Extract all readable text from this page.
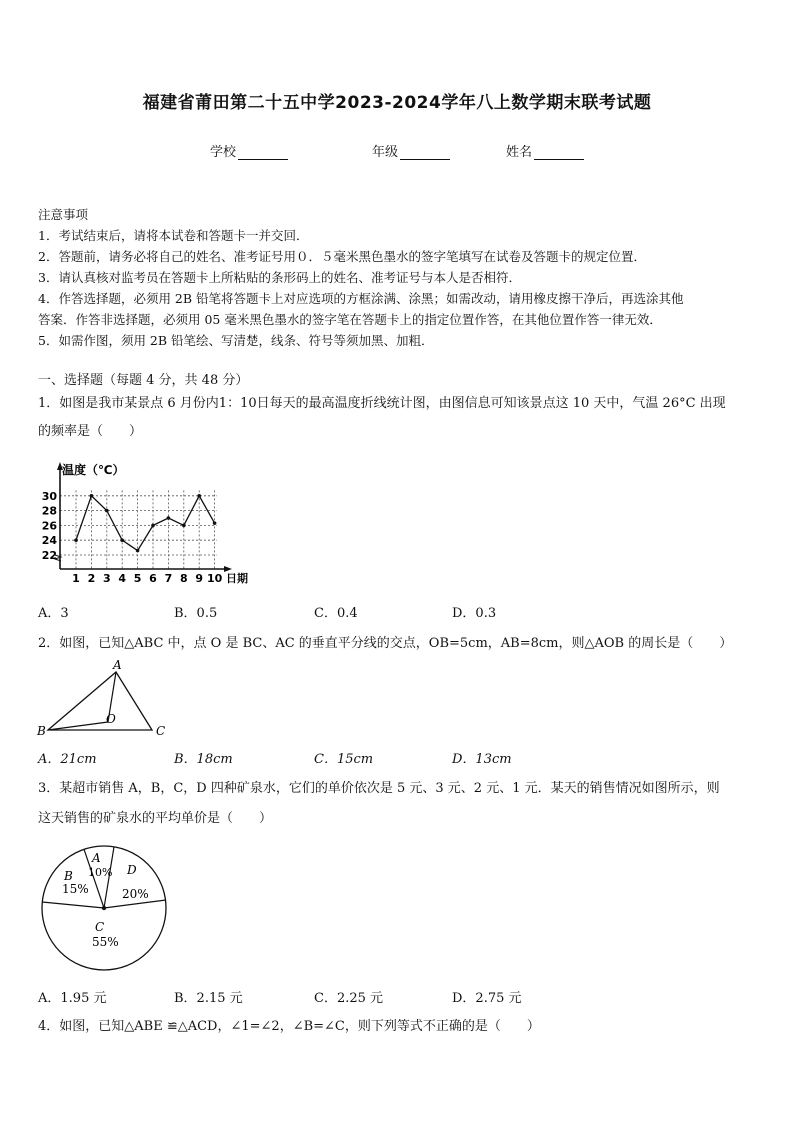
福建省莆田第二十五中学2023-2024学年八上数学期末联考试题
学校	年级	姓名

注意事项

1．考试结束后，请将本试卷和答题卡一并交回．

2．答题前，请务必将自己的姓名、准考证号用０．５毫米黑色墨水的签字笔填写在试卷及答题卡的规定位置．

3．请认真核对监考员在答题卡上所粘贴的条形码上的姓名、准考证号与本人是否相符．

4．作答选择题，必须用 2B 铅笔将答题卡上对应选项的方框涂满、涂黑；如需改动，请用橡皮擦干净后，再选涂其他

答案．作答非选择题，必须用 05 毫米黑色墨水的签字笔在答题卡上的指定位置作答，在其他位置作答一律无效．

5．如需作图，须用 2B 铅笔绘、写清楚，线条、符号等须加黑、加粗．

一、选择题（每题 4 分，共 48 分）

1．如图是我市某景点 6 月份内1：10日每天的最高温度折线统计图，由图信息可知该景点这 10 天中，气温 26°C 出现

的频率是（　　）

温度（℃）
日期
22
24
26
28
30
1 2 3 4 5 6 7 8 9 10
A．3	B．0.5	C．0.4	D．0.3

2．如图，已知△ABC 中，点 O 是 BC、AC 的垂直平分线的交点，OB=5cm，AB=8cm，则△AOB 的周长是（　　）

A
B	C
O
A．21cm	B．18cm	C．15cm	D．13cm

3．某超市销售 A，B，C，D 四种矿泉水，它们的单价依次是 5 元、3 元、2 元、1 元．某天的销售情况如图所示，则

这天销售的矿泉水的平均单价是（　　）

A
10%
B
15%
D
20%
C
55%
A．1.95 元	B．2.15 元	C．2.25 元	D．2.75 元

4．如图，已知△ABE ≌△ACD，∠1=∠2，∠B=∠C，则下列等式不正确的是（　　）
